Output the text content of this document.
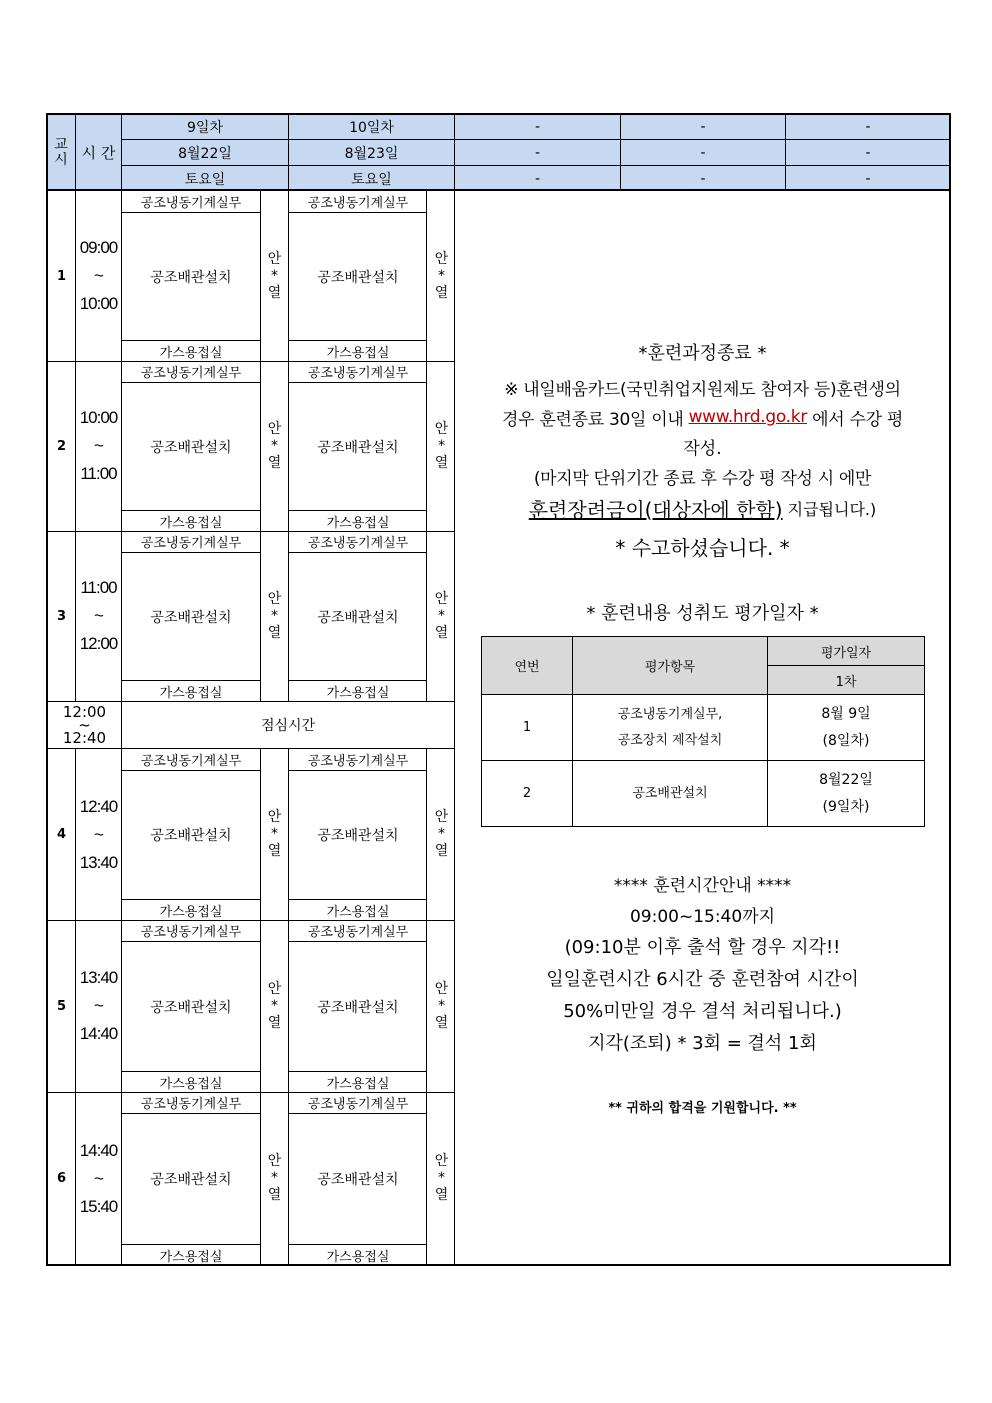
교시 시 간
9일차
8월22일
토요일
10일차
8월23일
토요일
-
-
-
-
-
-
-
-
-
1
09:00
~
10:00
공조냉동기계실무
공조배관설치
가스용접실
안
*
열
공조냉동기계실무
공조배관설치
가스용접실
안
*
열
2
10:00
~
11:00
공조냉동기계실무
공조배관설치
가스용접실
안
*
열
공조냉동기계실무
공조배관설치
가스용접실
안
*
열
3
11:00
~
12:00
공조냉동기계실무
공조배관설치
가스용접실
안
*
열
공조냉동기계실무
공조배관설치
가스용접실
안
*
열
4
12:40
~
13:40
공조냉동기계실무
공조배관설치
가스용접실
안
*
열
공조냉동기계실무
공조배관설치
가스용접실
안
*
열
5
13:40
~
14:40
공조냉동기계실무
공조배관설치
가스용접실
안
*
열
공조냉동기계실무
공조배관설치
가스용접실
안
*
열
6
14:40
~
15:40
공조냉동기계실무
공조배관설치
가스용접실
안
*
열
공조냉동기계실무
공조배관설치
가스용접실
안
*
열
12:00
~
12:40
점심시간
*훈련과정종료 *
※ 내일배움카드(국민취업지원제도 참여자 등)훈련생의
경우 훈련종료 30일 이내 www.hrd.go.kr 에서 수강 평
작성.
(마지막 단위기간 종료 후 수강 평 작성 시 에만
훈련장려금이(대상자에 한함) 지급됩니다.)
* 수고하셨습니다. *
* 훈련내용 성취도 평가일자 *
연번	평가항목
평가일자
1차
1
공조냉동기계실무,
공조장치 제작설치
8월 9일
(8일차)
2	공조배관설치
8월22일
(9일차)
**** 훈련시간안내 ****
09:00~15:40까지
(09:10분 이후 출석 할 경우 지각!!
일일훈련시간 6시간 중 훈련참여 시간이
50%미만일 경우 결석 처리됩니다.)
지각(조퇴) * 3회 = 결석 1회
** 귀하의 합격을 기원합니다. **
